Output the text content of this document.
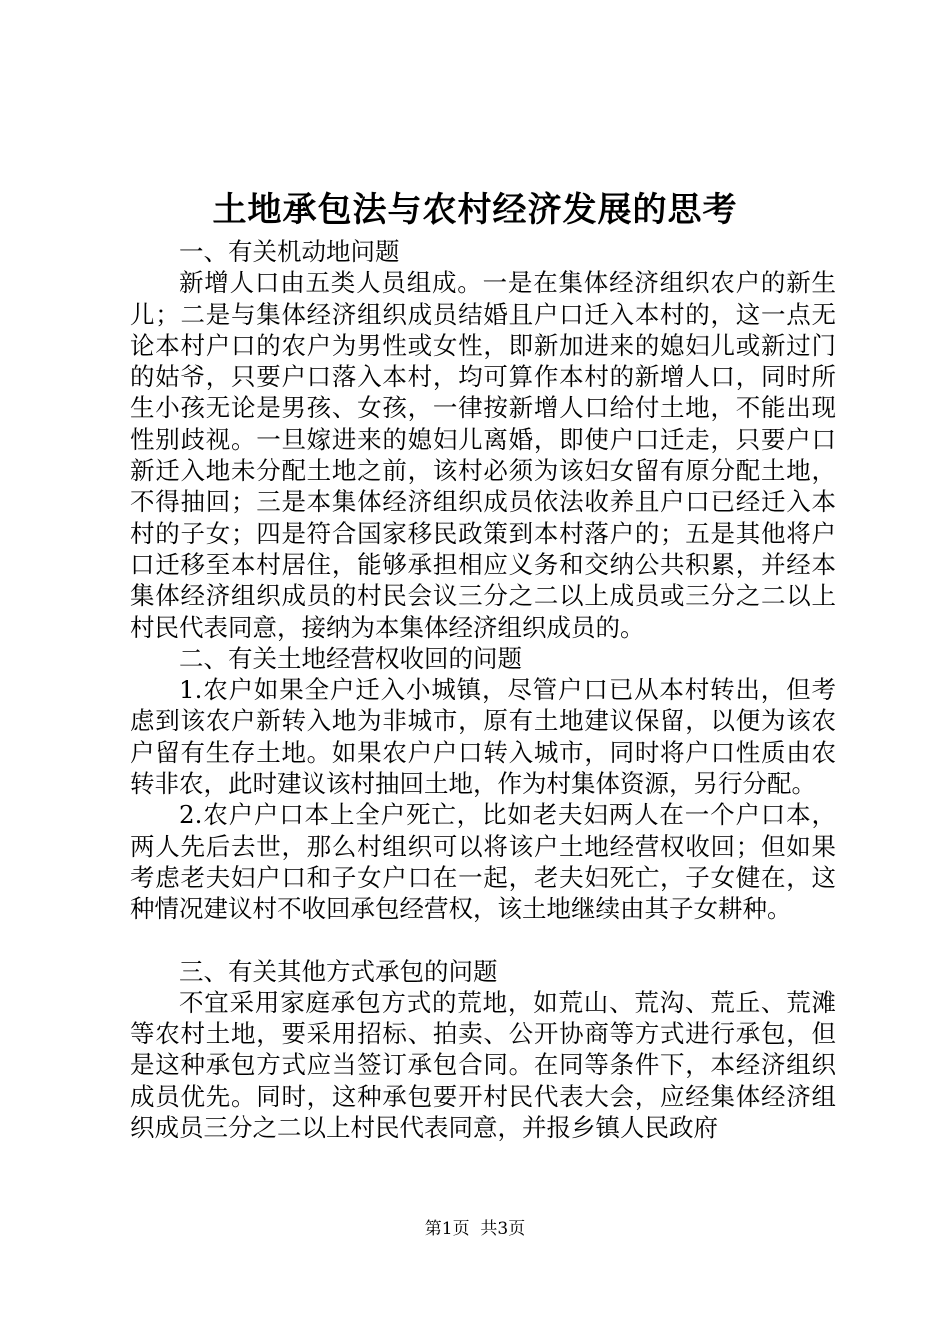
土地承包法与农村经济发展的思考

一、有关机动地问题

新增人口由五类人员组成。一是在集体经济组织农户的新生儿；二是与集体经济组织成员结婚且户口迁入本村的，这一点无论本村户口的农户为男性或女性，即新加进来的媳妇儿或新过门的姑爷，只要户口落入本村，均可算作本村的新增人口，同时所生小孩无论是男孩、女孩，一律按新增人口给付土地，不能出现性别歧视。一旦嫁进来的媳妇儿离婚，即使户口迁走，只要户口新迁入地未分配土地之前，该村必须为该妇女留有原分配土地，不得抽回；三是本集体经济组织成员依法收养且户口已经迁入本村的子女；四是符合国家移民政策到本村落户的；五是其他将户口迁移至本村居住，能够承担相应义务和交纳公共积累，并经本集体经济组织成员的村民会议三分之二以上成员或三分之二以上村民代表同意，接纳为本集体经济组织成员的。

二、有关土地经营权收回的问题

1.农户如果全户迁入小城镇，尽管户口已从本村转出，但考虑到该农户新转入地为非城市，原有土地建议保留，以便为该农户留有生存土地。如果农户户口转入城市，同时将户口性质由农转非农，此时建议该村抽回土地，作为村集体资源，另行分配。

2.农户户口本上全户死亡，比如老夫妇两人在一个户口本，两人先后去世，那么村组织可以将该户土地经营权收回；但如果考虑老夫妇户口和子女户口在一起，老夫妇死亡，子女健在，这种情况建议村不收回承包经营权，该土地继续由其子女耕种。

三、有关其他方式承包的问题

不宜采用家庭承包方式的荒地，如荒山、荒沟、荒丘、荒滩等农村土地，要采用招标、拍卖、公开协商等方式进行承包，但是这种承包方式应当签订承包合同。在同等条件下，本经济组织成员优先。同时，这种承包要开村民代表大会，应经集体经济组织成员三分之二以上村民代表同意，并报乡镇人民政府

第1页  共3页
